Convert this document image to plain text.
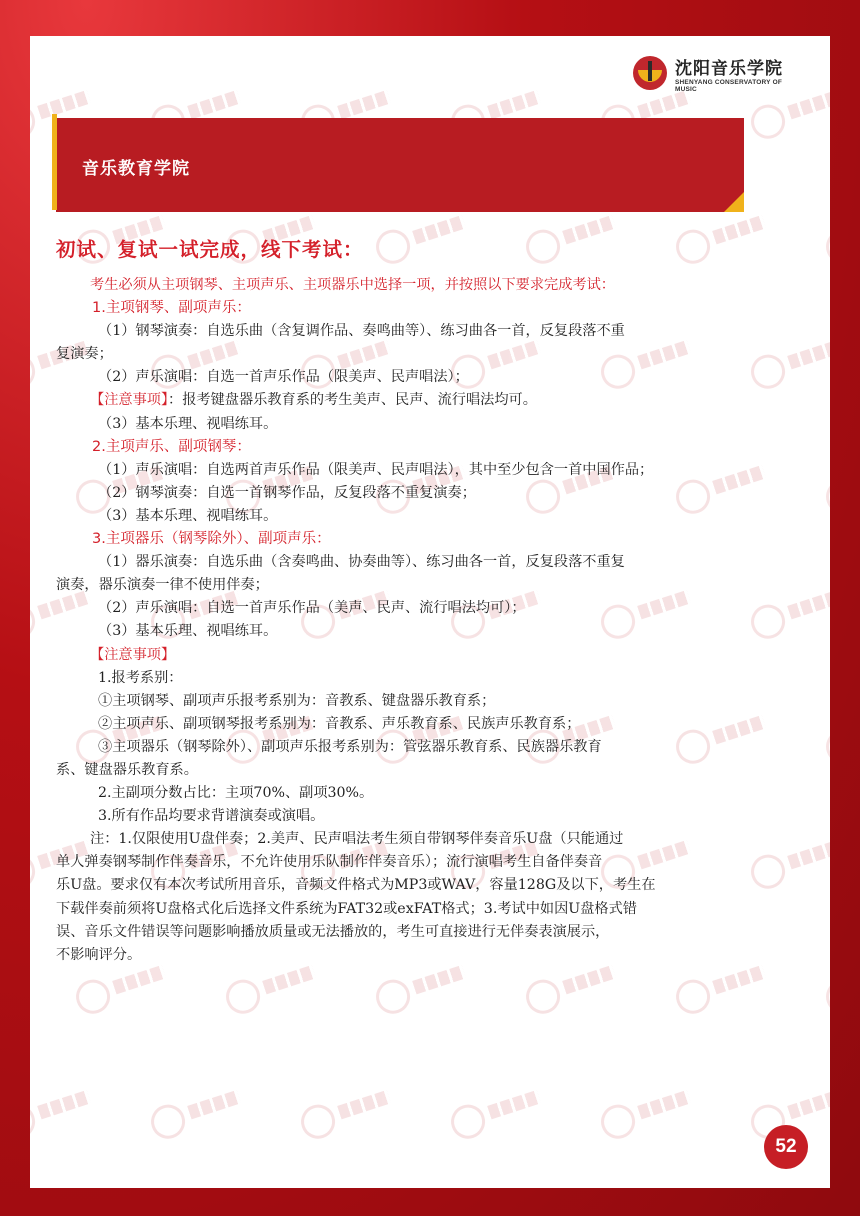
沈阳音乐学院
SHENYANG CONSERVATORY OF MUSIC
音乐教育学院
初试、复试一试完成，线下考试：

考生必须从主项钢琴、主项声乐、主项器乐中选择一项，并按照以下要求完成考试：

1.主项钢琴、副项声乐：

（1）钢琴演奏：自选乐曲（含复调作品、奏鸣曲等）、练习曲各一首，反复段落不重

复演奏；

（2）声乐演唱：自选一首声乐作品（限美声、民声唱法）；

【注意事项】：报考键盘器乐教育系的考生美声、民声、流行唱法均可。

（3）基本乐理、视唱练耳。

2.主项声乐、副项钢琴：

（1）声乐演唱：自选两首声乐作品（限美声、民声唱法），其中至少包含一首中国作品；

（2）钢琴演奏：自选一首钢琴作品，反复段落不重复演奏；

（3）基本乐理、视唱练耳。

3.主项器乐（钢琴除外）、副项声乐：

（1）器乐演奏：自选乐曲（含奏鸣曲、协奏曲等）、练习曲各一首，反复段落不重复

演奏，器乐演奏一律不使用伴奏；

（2）声乐演唱：自选一首声乐作品（美声、民声、流行唱法均可）；

（3）基本乐理、视唱练耳。

【注意事项】

1.报考系别：

①主项钢琴、副项声乐报考系别为：音教系、键盘器乐教育系；

②主项声乐、副项钢琴报考系别为：音教系、声乐教育系、民族声乐教育系；

③主项器乐（钢琴除外）、副项声乐报考系别为：管弦器乐教育系、民族器乐教育

系、键盘器乐教育系。

2.主副项分数占比：主项70%、副项30%。

3.所有作品均要求背谱演奏或演唱。

注：1.仅限使用U盘伴奏；2.美声、民声唱法考生须自带钢琴伴奏音乐U盘（只能通过

单人弹奏钢琴制作伴奏音乐，不允许使用乐队制作伴奏音乐）；流行演唱考生自备伴奏音

乐U盘。要求仅有本次考试所用音乐，音频文件格式为MP3或WAV，容量128G及以下，考生在

下载伴奏前须将U盘格式化后选择文件系统为FAT32或exFAT格式；3.考试中如因U盘格式错

误、音乐文件错误等问题影响播放质量或无法播放的，考生可直接进行无伴奏表演展示，

不影响评分。

52
